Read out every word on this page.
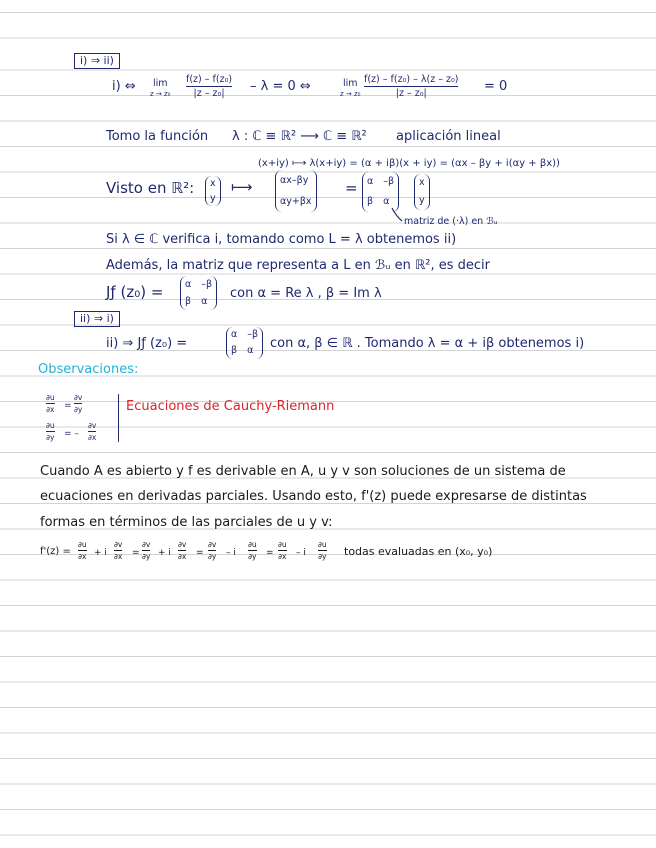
i) ⇒ ii)
i) ⇔ lim
z → z₀
f(z) – f(z₀)
|z – z₀| – λ = 0 ⇔	lim
z → z₀
f(z) – f(z₀) – λ(z – z₀)
|z – z₀|	= 0
Tomo la función λ : ℂ ≡ ℝ² ⟶ ℂ ≡ ℝ² aplicación lineal
(x+iy) ⟼ λ(x+iy) = (α + iβ)(x + iy) = (αx – βy + i(αy + βx))
Visto en ℝ²: x
y
⟼	αx–βy
αy+βx
= α –β
β α
x
y
matriz de (·λ) en ℬᵤ
Si λ ∈ ℂ verifica i, tomando como L = λ obtenemos ii)
Además, la matriz que representa a L en ℬᵤ en ℝ², es decir
Jƒ (z₀) = α –β
β α con α = Re λ , β = Im λ
ii) ⇒ i)
ii) ⇒ Jƒ (z₀) =
α –β
β α con α, β ∈ ℝ . Tomando λ = α + iβ obtenemos i)
Observaciones:
∂u
∂x =
∂v
∂y
∂u
∂y = –
∂v
∂x
Ecuaciones de Cauchy-Riemann
Cuando A es abierto y f es derivable en A, u y v son soluciones de un sistema de
ecuaciones en derivadas parciales. Usando esto, f'(z) puede expresarse de distintas
formas en términos de las parciales de u y v:
f'(z) =
∂u
∂x + i
∂v
∂x =
∂v
∂y + i
∂v
∂x =
∂v
∂y – i
∂u
∂y =
∂u
∂x – i
∂u
∂y todas evaluadas en (x₀, y₀)
